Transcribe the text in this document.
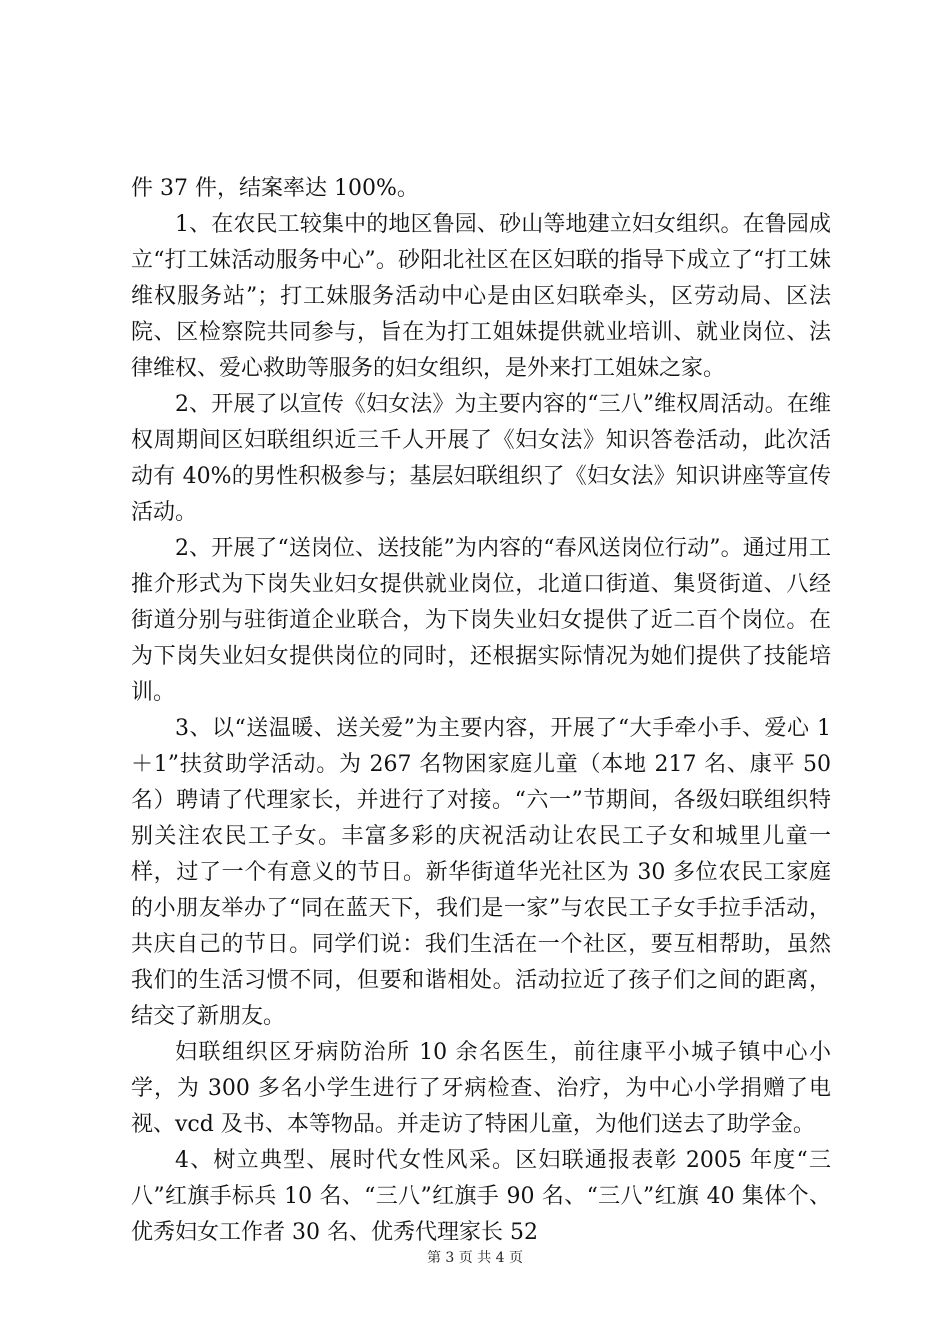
件 37 件，结案率达 100%。

1、在农民工较集中的地区鲁园、砂山等地建立妇女组织。在鲁园成立“打工妹活动服务中心”。砂阳北社区在区妇联的指导下成立了“打工妹维权服务站”；打工妹服务活动中心是由区妇联牵头，区劳动局、区法院、区检察院共同参与，旨在为打工姐妹提供就业培训、就业岗位、法律维权、爱心救助等服务的妇女组织，是外来打工姐妹之家。

2、开展了以宣传《妇女法》为主要内容的“三八”维权周活动。在维权周期间区妇联组织近三千人开展了《妇女法》知识答卷活动，此次活动有 40%的男性积极参与；基层妇联组织了《妇女法》知识讲座等宣传活动。

2、开展了“送岗位、送技能”为内容的“春风送岗位行动”。通过用工推介形式为下岗失业妇女提供就业岗位，北道口街道、集贤街道、八经街道分别与驻街道企业联合，为下岗失业妇女提供了近二百个岗位。在为下岗失业妇女提供岗位的同时，还根据实际情况为她们提供了技能培训。

3、以“送温暖、送关爱”为主要内容，开展了“大手牵小手、爱心 1＋1”扶贫助学活动。为 267 名物困家庭儿童（本地 217 名、康平 50 名）聘请了代理家长，并进行了对接。“六一”节期间，各级妇联组织特别关注农民工子女。丰富多彩的庆祝活动让农民工子女和城里儿童一样，过了一个有意义的节日。新华街道华光社区为 30 多位农民工家庭的小朋友举办了“同在蓝天下，我们是一家”与农民工子女手拉手活动，共庆自己的节日。同学们说：我们生活在一个社区，要互相帮助，虽然我们的生活习惯不同，但要和谐相处。活动拉近了孩子们之间的距离，结交了新朋友。

妇联组织区牙病防治所 10 余名医生，前往康平小城子镇中心小学，为 300 多名小学生进行了牙病检查、治疗，为中心小学捐赠了电视、vcd 及书、本等物品。并走访了特困儿童，为他们送去了助学金。

4、树立典型、展时代女性风采。区妇联通报表彰 2005 年度“三八”红旗手标兵 10 名、“三八”红旗手 90 名、“三八”红旗 40 集体个、优秀妇女工作者 30 名、优秀代理家长 52

第 3 页 共 4 页
